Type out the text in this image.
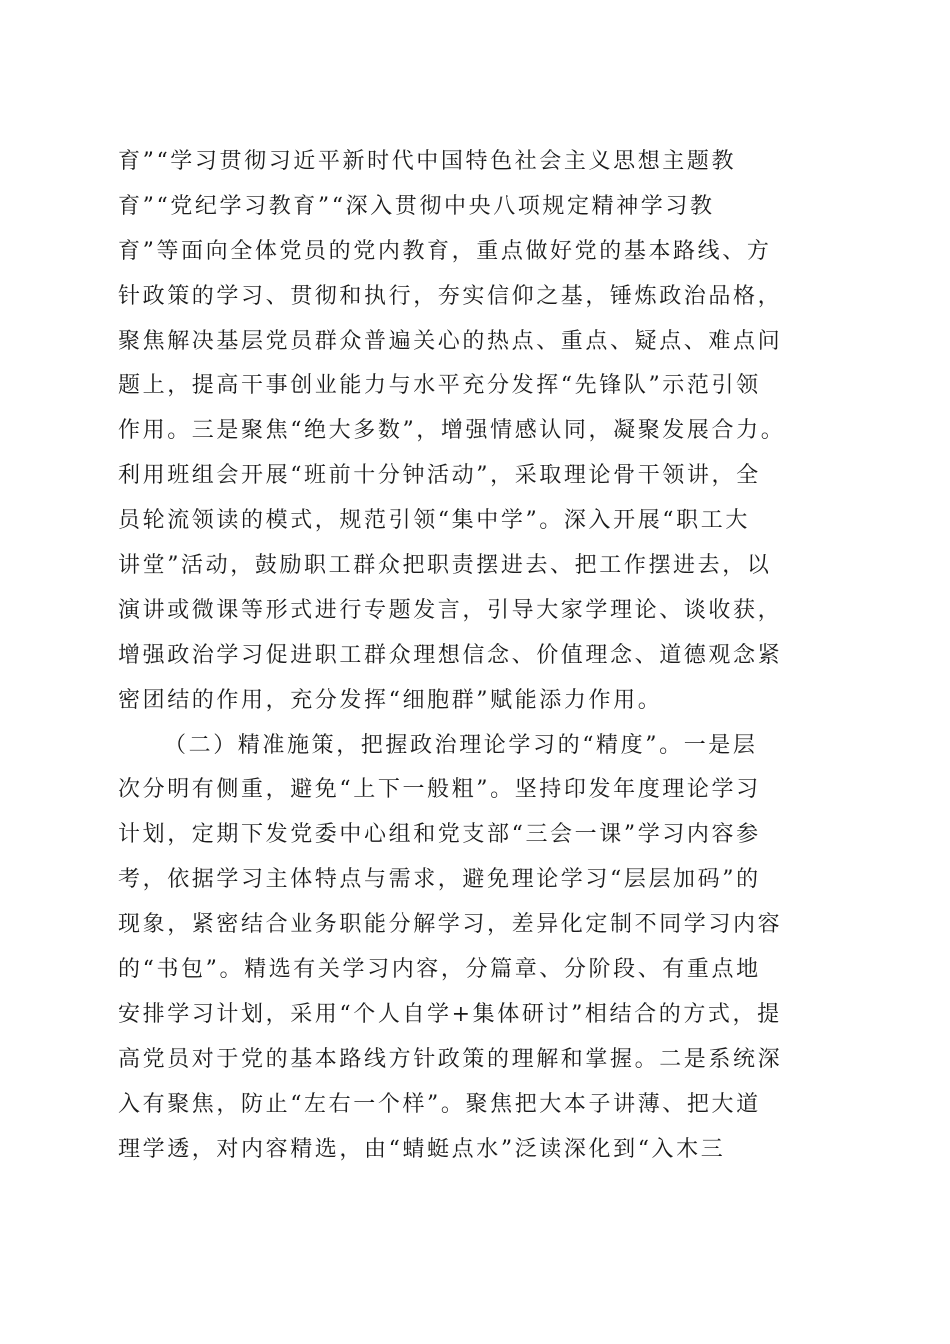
育”“学习贯彻习近平新时代中国特色社会主义思想主题教
育”“党纪学习教育”“深入贯彻中央八项规定精神学习教
育”等面向全体党员的党内教育，重点做好党的基本路线、方
针政策的学习、贯彻和执行，夯实信仰之基，锤炼政治品格，
聚焦解决基层党员群众普遍关心的热点、重点、疑点、难点问
题上，提高干事创业能力与水平充分发挥“先锋队”示范引领
作用。三是聚焦“绝大多数”，增强情感认同，凝聚发展合力。
利用班组会开展“班前十分钟活动”，采取理论骨干领讲，全
员轮流领读的模式，规范引领“集中学”。深入开展“职工大
讲堂”活动，鼓励职工群众把职责摆进去、把工作摆进去，以
演讲或微课等形式进行专题发言，引导大家学理论、谈收获，
增强政治学习促进职工群众理想信念、价值理念、道德观念紧
密团结的作用，充分发挥“细胞群”赋能添力作用。
（二）精准施策，把握政治理论学习的“精度”。一是层
次分明有侧重，避免“上下一般粗”。坚持印发年度理论学习
计划，定期下发党委中心组和党支部“三会一课”学习内容参
考，依据学习主体特点与需求，避免理论学习“层层加码”的
现象，紧密结合业务职能分解学习，差异化定制不同学习内容
的“书包”。精选有关学习内容，分篇章、分阶段、有重点地
安排学习计划，采用“个人自学+集体研讨”相结合的方式，提
高党员对于党的基本路线方针政策的理解和掌握。二是系统深
入有聚焦，防止“左右一个样”。聚焦把大本子讲薄、把大道
理学透，对内容精选，由“蜻蜓点水”泛读深化到“入木三
